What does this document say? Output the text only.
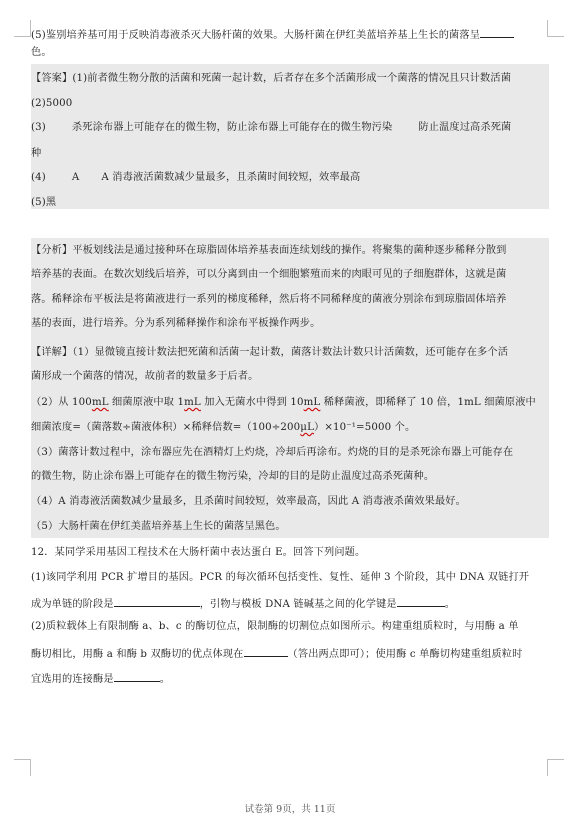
(5)鉴别培养基可用于反映消毒液杀灭大肠杆菌的效果。大肠杆菌在伊红美蓝培养基上生长的菌落呈
色。
【答案】(1)前者微生物分散的活菌和死菌一起计数，后者存在多个活菌形成一个菌落的情况且只计数活菌
(2)5000
(3)	杀死涂布器上可能存在的微生物，防止涂布器上可能存在的微生物污染	防止温度过高杀死菌
种
(4)	A A 消毒液活菌数减少量最多，且杀菌时间较短，效率最高
(5)黑
【分析】平板划线法是通过接种环在琼脂固体培养基表面连续划线的操作。将聚集的菌种逐步稀释分散到
培养基的表面。在数次划线后培养，可以分离到由一个细胞繁殖而来的肉眼可见的子细胞群体，这就是菌
落。稀释涂布平板法是将菌液进行一系列的梯度稀释，然后将不同稀释度的菌液分别涂布到琼脂固体培养
基的表面，进行培养。分为系列稀释操作和涂布平板操作两步。
【详解】（1）显微镜直接计数法把死菌和活菌一起计数，菌落计数法计数只计活菌数，还可能存在多个活
菌形成一个菌落的情况，故前者的数量多于后者。
（2）从 100mL 细菌原液中取 1mL 加入无菌水中得到 10mL 稀释菌液，即稀释了 10 倍，1mL 细菌原液中
细菌浓度=（菌落数÷菌液体积）×稀释倍数=（100÷200μL）×10⁻¹=5000 个。
（3）菌落计数过程中，涂布器应先在酒精灯上灼烧，冷却后再涂布。灼烧的目的是杀死涂布器上可能存在
的微生物，防止涂布器上可能存在的微生物污染，冷却的目的是防止温度过高杀死菌种。
（4）A 消毒液活菌数减少量最多，且杀菌时间较短，效率最高，因此 A 消毒液杀菌效果最好。
（5）大肠杆菌在伊红美蓝培养基上生长的菌落呈黑色。
12．某同学采用基因工程技术在大肠杆菌中表达蛋白 E。回答下列问题。
(1)该同学利用 PCR 扩增目的基因。PCR 的每次循环包括变性、复性、延伸 3 个阶段，其中 DNA 双链打开
成为单链的阶段是	，引物与模板 DNA 链碱基之间的化学键是	。
(2)质粒载体上有限制酶 a、b、c 的酶切位点，限制酶的切割位点如图所示。构建重组质粒时，与用酶 a 单
酶切相比，用酶 a 和酶 b 双酶切的优点体现在	（答出两点即可）；使用酶 c 单酶切构建重组质粒时
宜选用的连接酶是	。
试卷第 9页，共 11页
